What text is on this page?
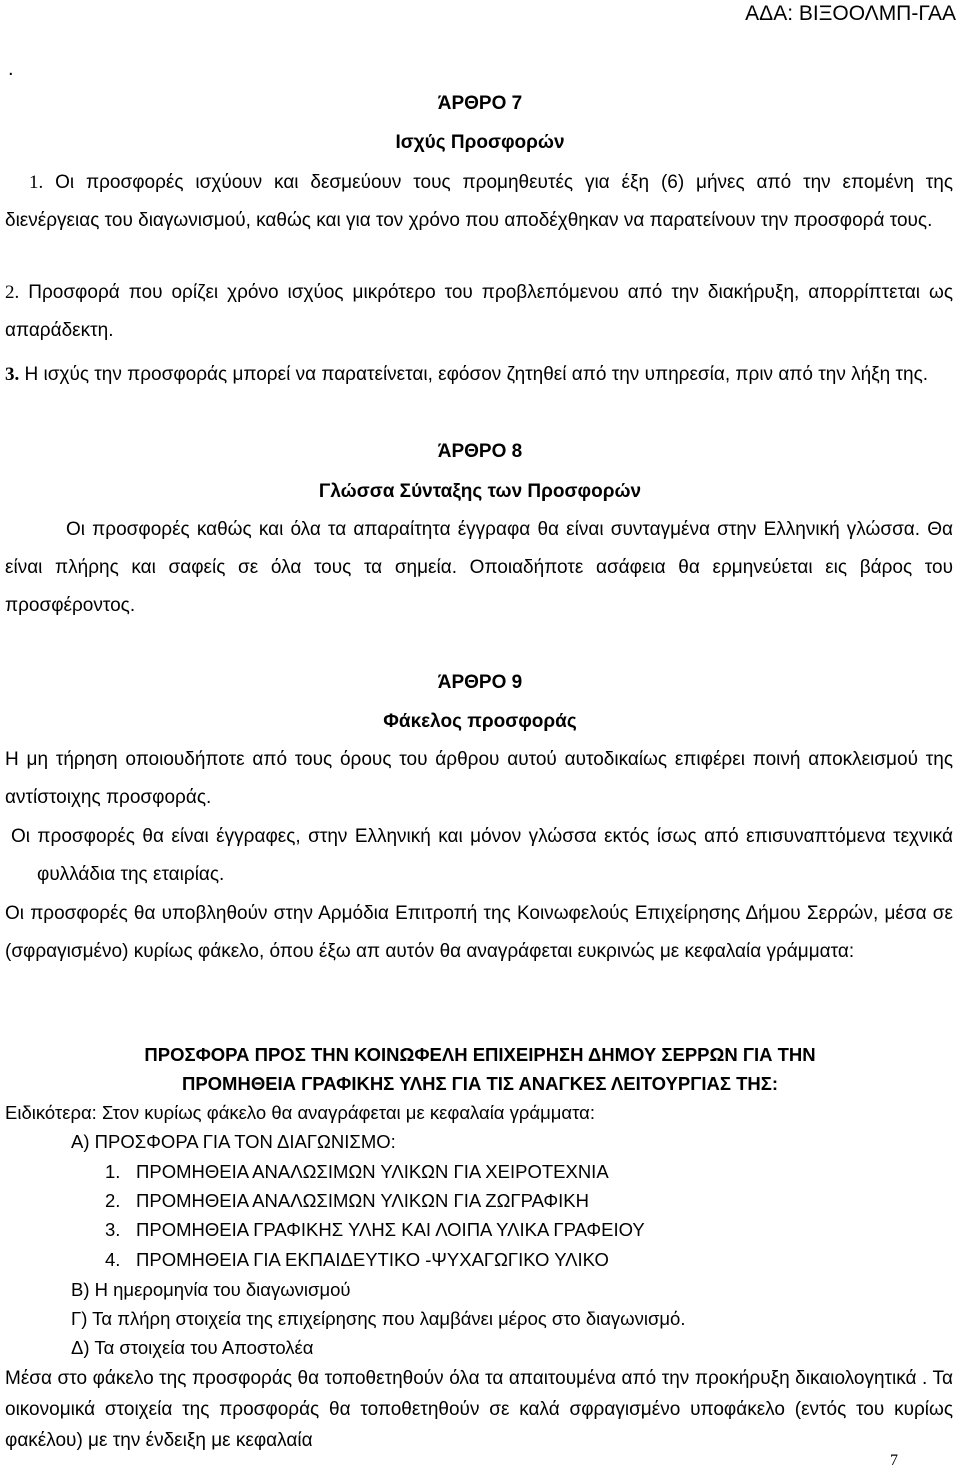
ΑΔΑ: ΒΙΞΟΟΛΜΠ-ΓΑΑ
.
ΆΡΘΡΟ 7
Ισχύς Προσφορών
1. Οι προσφορές ισχύουν και δεσμεύουν τους προμηθευτές για έξη (6) μήνες από την επομένη της διενέργειας του διαγωνισμού, καθώς και για τον χρόνο που αποδέχθηκαν να παρατείνουν την προσφορά τους.
2. Προσφορά που ορίζει χρόνο ισχύος μικρότερο του προβλεπόμενου από την διακήρυξη, απορρίπτεται ως απαράδεκτη.
3. Η ισχύς την προσφοράς μπορεί να παρατείνεται, εφόσον ζητηθεί από την υπηρεσία, πριν από την λήξη της.
ΆΡΘΡΟ 8
Γλώσσα Σύνταξης των Προσφορών
Οι προσφορές καθώς και όλα τα απαραίτητα έγγραφα θα είναι συνταγμένα στην Ελληνική γλώσσα. Θα είναι πλήρης και σαφείς σε όλα τους τα σημεία. Οποιαδήποτε ασάφεια θα ερμηνεύεται εις βάρος του προσφέροντος.
ΆΡΘΡΟ 9
Φάκελος προσφοράς
Η μη τήρηση οποιουδήποτε από τους όρους του άρθρου αυτού αυτοδικαίως επιφέρει ποινή αποκλεισμού της αντίστοιχης προσφοράς.
Οι προσφορές θα είναι έγγραφες, στην Ελληνική και μόνον γλώσσα εκτός ίσως από επισυναπτόμενα τεχνικά φυλλάδια της εταιρίας.
Οι προσφορές θα υποβληθούν στην Αρμόδια Επιτροπή της Κοινωφελούς Επιχείρησης Δήμου Σερρών, μέσα σε (σφραγισμένο) κυρίως φάκελο, όπου έξω απ αυτόν θα αναγράφεται ευκρινώς με κεφαλαία γράμματα:
ΠΡΟΣΦΟΡΑ ΠΡΟΣ ΤΗΝ ΚΟΙΝΩΦΕΛΗ ΕΠΙΧΕΙΡΗΣΗ ΔΗΜΟΥ ΣΕΡΡΩΝ ΓΙΑ ΤΗΝ
ΠΡΟΜΗΘΕΙΑ ΓΡΑΦΙΚΗΣ ΥΛΗΣ ΓΙΑ ΤΙΣ ΑΝΑΓΚΕΣ ΛΕΙΤΟΥΡΓΙΑΣ ΤΗΣ:
Ειδικότερα: Στον κυρίως φάκελο θα αναγράφεται με κεφαλαία γράμματα:
Α) ΠΡΟΣΦΟΡΑ ΓΙΑ ΤΟΝ ΔΙΑΓΩΝΙΣΜΟ:
1. ΠΡΟΜΗΘΕΙΑ ΑΝΑΛΩΣΙΜΩΝ ΥΛΙΚΩΝ ΓΙΑ ΧΕΙΡΟΤΕΧΝΙΑ
2. ΠΡΟΜΗΘΕΙΑ ΑΝΑΛΩΣΙΜΩΝ ΥΛΙΚΩΝ ΓΙΑ ΖΩΓΡΑΦΙΚΗ
3. ΠΡΟΜΗΘΕΙΑ ΓΡΑΦΙΚΗΣ ΥΛΗΣ ΚΑΙ ΛΟΙΠΑ ΥΛΙΚΑ ΓΡΑΦΕΙΟΥ
4. ΠΡΟΜΗΘΕΙΑ ΓΙΑ ΕΚΠΑΙΔΕΥΤΙΚΟ -ΨΥΧΑΓΩΓΙΚΟ ΥΛΙΚΟ
Β) Η ημερομηνία του διαγωνισμού
Γ) Τα πλήρη στοιχεία της επιχείρησης που λαμβάνει μέρος στο διαγωνισμό.
Δ) Τα στοιχεία του Αποστολέα
Μέσα στο φάκελο της προσφοράς θα τοποθετηθούν όλα τα απαιτουμένα από την προκήρυξη δικαιολογητικά . Τα οικονομικά στοιχεία της προσφοράς θα τοποθετηθούν σε καλά σφραγισμένο υποφάκελο (εντός του κυρίως φακέλου) με την ένδειξη με κεφαλαία
7
